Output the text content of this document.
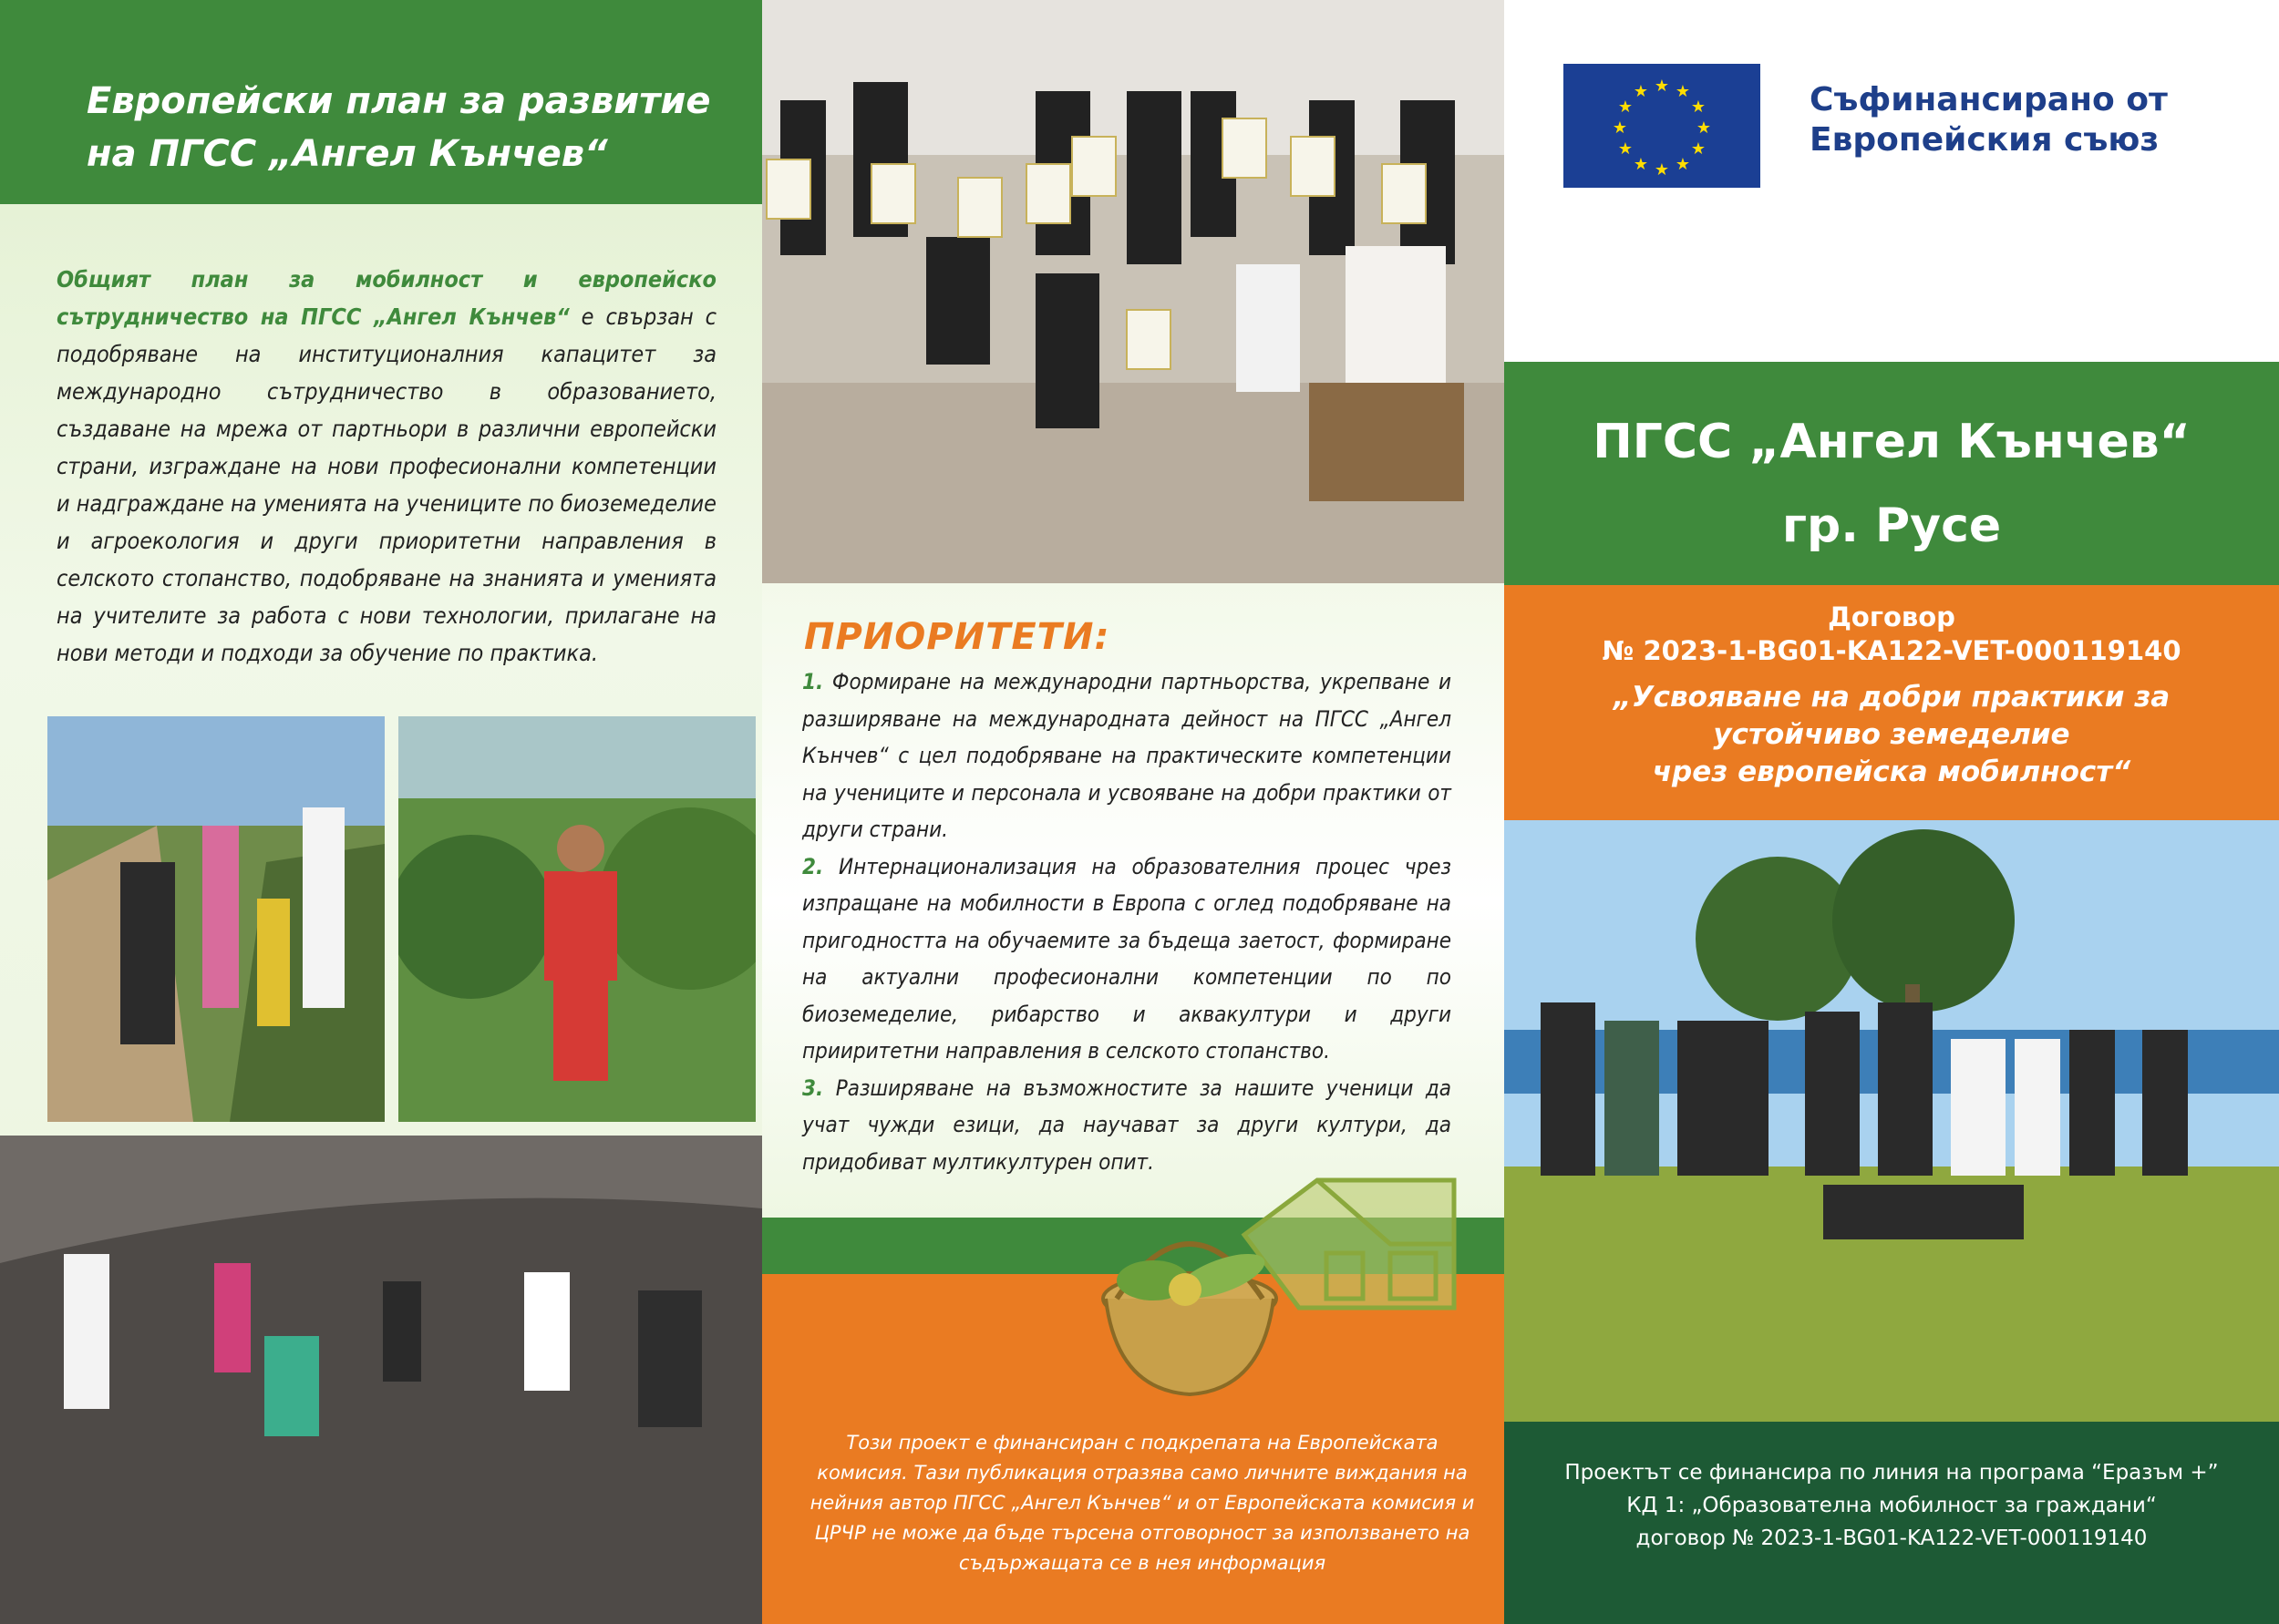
Европейски план за развитие
на ПГСС „Ангел Кънчев“
Общият план за мобилност и европейско сътрудничество на ПГСС „Ангел Кънчев“ е свързан с подобряване на институционалния капацитет за международно сътрудничество в образованието, създаване на мрежа от партньори в различни европейски страни, изграждане на нови професионални компетенции и надграждане на уменията на учениците по биоземеделие и агроекология и други приоритетни направления в селското стопанство, подобряване на знанията и уменията на учителите за работа с нови технологии, прилагане на нови методи и подходи за обучение по практика.	ПРИОРИТЕТИ:
1. Формиране на международни партньорства, укрепване и разширяване на международната дейност на ПГСС „Ангел Кънчев“ с цел подобряване на практическите компетенции на учениците и персонала и усвояване на добри практики от други страни.
2. Интернационализация на образователния процес чрез изпращане на мобилности в Европа с оглед подобряване на пригодността на обучаемите за бъдеща заетост, формиране на актуални професионални компетенции по по биоземеделие, рибарство и аквакултури и други прииритетни направления в селското стопанство.
3. Разширяване на възможностите за нашите ученици да учат чужди езици, да научават за други култури, да придобиват мултикултурен опит.
Този проект е финансиран с подкрепата на Европейската комисия. Тази публикация отразява само личните виждания на нейния автор ПГСС „Ангел Кънчев“ и от Европейската комисия и ЦРЧР не може да бъде търсена отговорност за използването на съдържащата се в нея информация
★ ★
★
★
★
★
★
★
★
★
★
★	Съфинансирано от
Европейския съюз
ПГСС „Ангел Кънчев“
гр. Русе
Договор
№ 2023-1-BG01-KA122-VET-000119140
„Усвояване на добри практики за
устойчиво земеделие
чрез европейска мобилност“
Проектът се финансира по линия на програма “Еразъм +”
КД 1: „Образователна мобилност за граждани“
договор № 2023-1-BG01-KA122-VET-000119140
